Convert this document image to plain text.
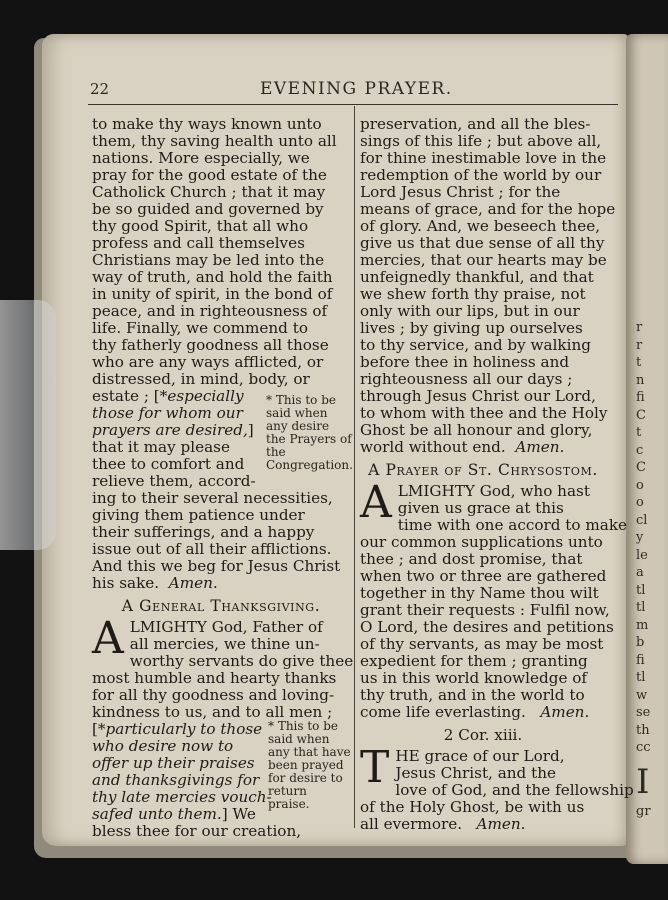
r
r
t
n
fi
C
t
c
C
o
o
cl
y
le
a
tl
tl
m
b
fi
tl
w
se
th
cc
I
gr
22	EVENING PRAYER.
to make thy ways known unto
them, thy saving health unto all
nations. More especially, we
pray for the good estate of the
Catholick Church ; that it may
be so guided and governed by
thy good Spirit, that all who
profess and call themselves
Christians may be led into the
way of truth, and hold the faith
in unity of spirit, in the bond of
peace, and in righteousness of
life. Finally, we commend to
thy fatherly goodness all those
who are any ways afflicted, or
distressed, in mind, body, or
estate ; [*especially
those for whom our
prayers are desired,]
that it may please
thee to comfort and
relieve them, accord-
ing to their several necessities,
giving them patience under
their sufferings, and a happy
issue out of all their afflictions.
And this we beg for Jesus Christ
his sake. Amen.
A General Thanksgiving.
A LMIGHTY God, Father of
all mercies, we thine un-
worthy servants do give thee
most humble and hearty thanks
for all thy goodness and loving-
kindness to us, and to all men ;
[*particularly to those
who desire now to
offer up their praises
and thanksgivings for
thy late mercies vouch-
safed unto them.] We
bless thee for our creation,
* This to be said when any desire the Prayers of the Congregation.
* This to be said when any that have been prayed for desire to return praise.
preservation, and all the bles-
sings of this life ; but above all,
for thine inestimable love in the
redemption of the world by our
Lord Jesus Christ ; for the
means of grace, and for the hope
of glory. And, we beseech thee,
give us that due sense of all thy
mercies, that our hearts may be
unfeignedly thankful, and that
we shew forth thy praise, not
only with our lips, but in our
lives ; by giving up ourselves
to thy service, and by walking
before thee in holiness and
righteousness all our days ;
through Jesus Christ our Lord,
to whom with thee and the Holy
Ghost be all honour and glory,
world without end. Amen.
A Prayer of St. Chrysostom.
A LMIGHTY God, who hast
given us grace at this
time with one accord to make
our common supplications unto
thee ; and dost promise, that
when two or three are gathered
together in thy Name thou wilt
grant their requests : Fulfil now,
O Lord, the desires and petitions
of thy servants, as may be most
expedient for them ; granting
us in this world knowledge of
thy truth, and in the world to
come life everlasting. Amen.
2 Cor. xiii.
T HE grace of our Lord,
Jesus Christ, and the
love of God, and the fellowship
of the Holy Ghost, be with us
all evermore. Amen.
